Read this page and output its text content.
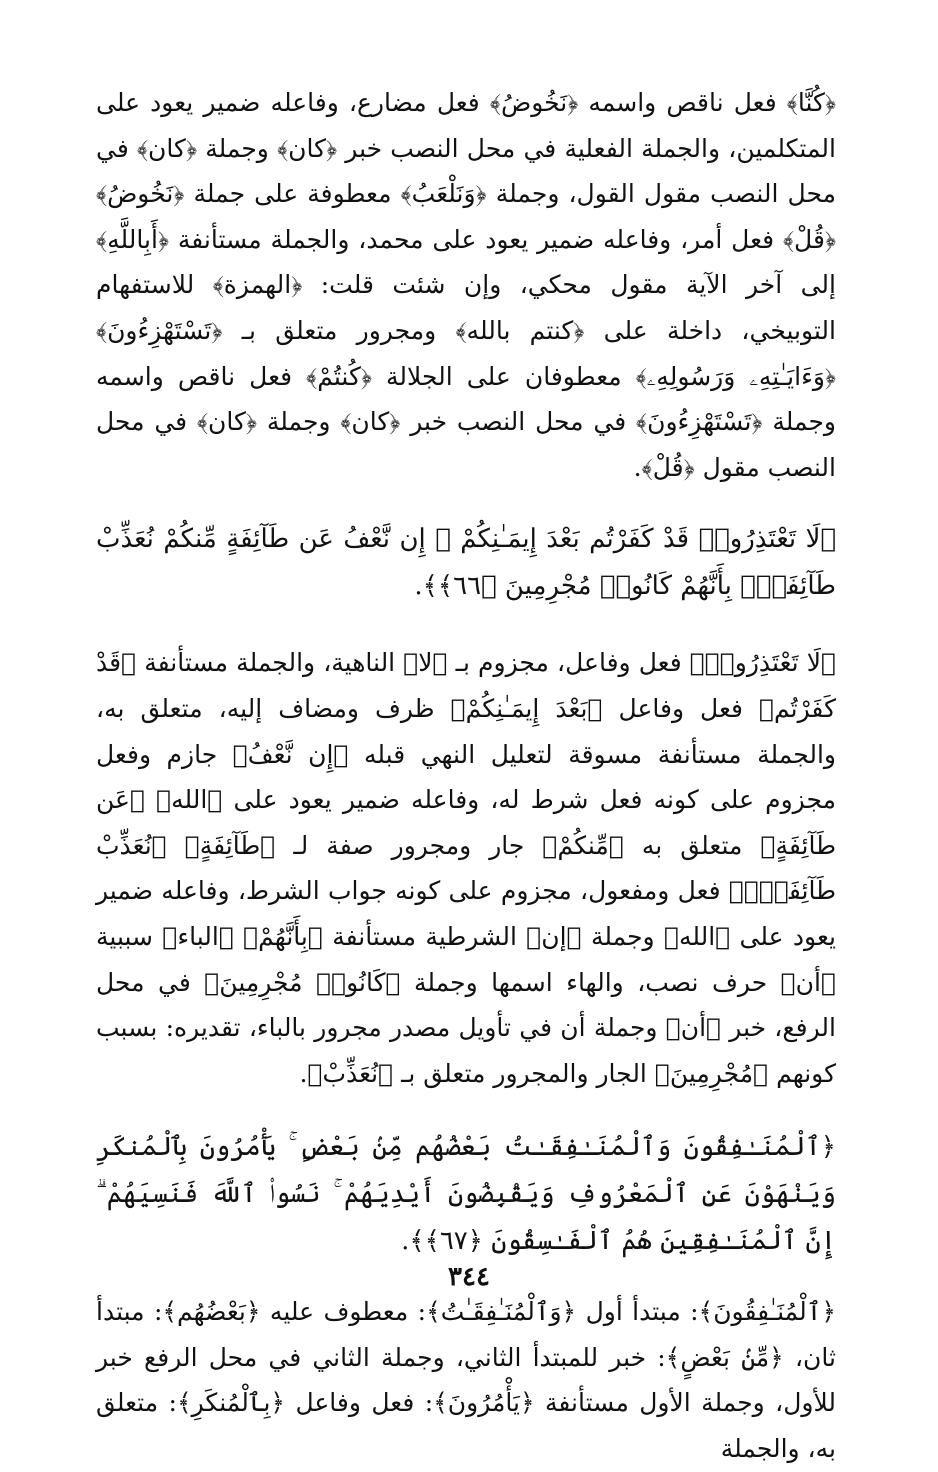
﴿كُنَّا﴾ فعل ناقص واسمه ﴿نَخُوضُ﴾ فعل مضارع، وفاعله ضمير يعود على المتكلمين، والجملة الفعلية في محل النصب خبر ﴿كان﴾ وجملة ﴿كان﴾ في محل النصب مقول القول، وجملة ﴿وَنَلْعَبُ﴾ معطوفة على جملة ﴿نَخُوضُ﴾ ﴿قُلْ﴾ فعل أمر، وفاعله ضمير يعود على محمد، والجملة مستأنفة ﴿أَبِاللَّهِ﴾ إلى آخر الآية مقول محكي، وإن شئت قلت: ﴿الهمزة﴾ للاستفهام التوبيخي، داخلة على ﴿كنتم بالله﴾ ومجرور متعلق بـ ﴿تَسْتَهْزِءُونَ﴾ ﴿وَءَايَـٰتِهِۦ وَرَسُولِهِۦ﴾ معطوفان على الجلالة ﴿كُنتُمْ﴾ فعل ناقص واسمه وجملة ﴿تَسْتَهْزِءُونَ﴾ في محل النصب خبر ﴿كان﴾ وجملة ﴿كان﴾ في محل النصب مقول ﴿قُلْ﴾.

﴿لَا تَعْتَذِرُوا۟ قَدْ كَفَرْتُم بَعْدَ إِيمَـٰنِكُمْ ۚ إِن نَّعْفُ عَن طَآئِفَةٍ مِّنكُمْ نُعَذِّبْ طَآئِفَةًۢ بِأَنَّهُمْ كَانُوا۟ مُجْرِمِينَ ﴿٦٦﴾﴾.

﴿لَا تَعْتَذِرُوا۟﴾ فعل وفاعل، مجزوم بـ ﴿لا﴾ الناهية، والجملة مستأنفة ﴿قَدْ كَفَرْتُم﴾ فعل وفاعل ﴿بَعْدَ إِيمَـٰنِكُمْ﴾ ظرف ومضاف إليه، متعلق به، والجملة مستأنفة مسوقة لتعليل النهي قبله ﴿إِن نَّعْفُ﴾ جازم وفعل مجزوم على كونه فعل شرط له، وفاعله ضمير يعود على ﴿الله﴾ ﴿عَن طَآئِفَةٍ﴾ متعلق به ﴿مِّنكُمْ﴾ جار ومجرور صفة لـ ﴿طَآئِفَةٍ﴾ ﴿نُعَذِّبْ طَآئِفَةًۢ﴾ فعل ومفعول، مجزوم على كونه جواب الشرط، وفاعله ضمير يعود على ﴿الله﴾ وجملة ﴿إن﴾ الشرطية مستأنفة ﴿بِأَنَّهُمْ﴾ ﴿الباء﴾ سببية ﴿أن﴾ حرف نصب، والهاء اسمها وجملة ﴿كَانُوا۟ مُجْرِمِينَ﴾ في محل الرفع، خبر ﴿أن﴾ وجملة أن في تأويل مصدر مجرور بالباء، تقديره: بسبب كونهم ﴿مُجْرِمِينَ﴾ الجار والمجرور متعلق بـ ﴿نُعَذِّبْ﴾.

﴿ٱلْمُنَـٰفِقُونَ وَٱلْمُنَـٰفِقَـٰتُ بَعْضُهُم مِّنۢ بَعْضٍ ۚ يَأْمُرُونَ بِٱلْمُنكَرِ وَيَنْهَوْنَ عَنِ ٱلْمَعْرُوفِ وَيَقْبِضُونَ أَيْدِيَهُمْ ۚ نَسُوا۟ ٱللَّهَ فَنَسِيَهُمْ ۗ إِنَّ ٱلْمُنَـٰفِقِينَ هُمُ ٱلْفَـٰسِقُونَ ﴿٦٧﴾﴾.

﴿ٱلْمُنَـٰفِقُونَ﴾: مبتدأ أول ﴿وَٱلْمُنَـٰفِقَـٰتُ﴾: معطوف عليه ﴿بَعْضُهُم﴾: مبتدأ ثان، ﴿مِّنۢ بَعْضٍ﴾: خبر للمبتدأ الثاني، وجملة الثاني في محل الرفع خبر للأول، وجملة الأول مستأنفة ﴿يَأْمُرُونَ﴾: فعل وفاعل ﴿بِٱلْمُنكَرِ﴾: متعلق به، والجملة

٣٤٤
